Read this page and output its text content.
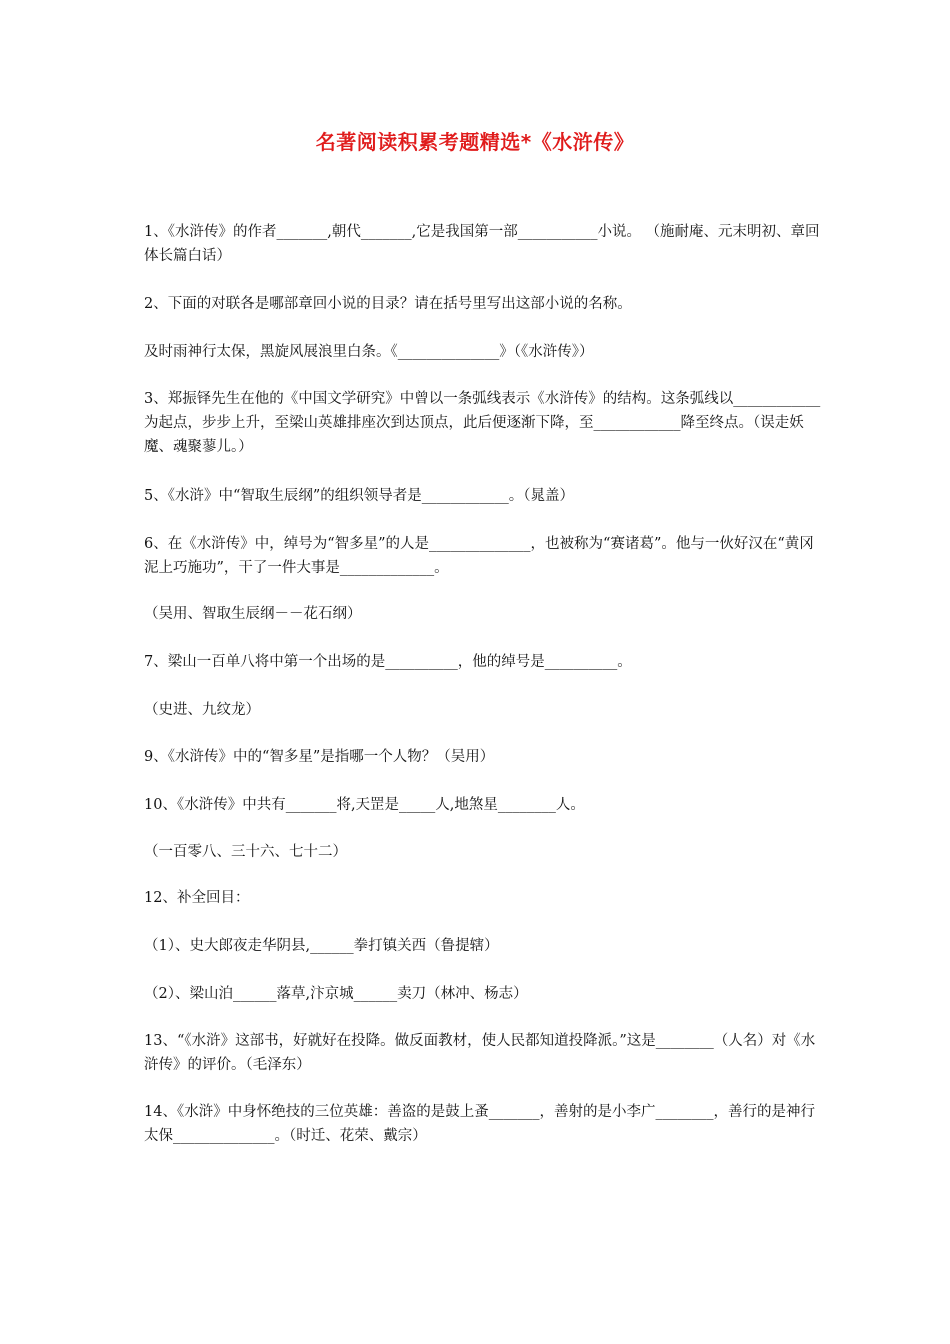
名著阅读积累考题精选*《水浒传》
1、《水浒传》的作者_______,朝代_______,它是我国第一部___________小说。 （施耐庵、元末明初、章回体长篇白话）
2、下面的对联各是哪部章回小说的目录？请在括号里写出这部小说的名称。
及时雨神行太保，黑旋风展浪里白条。《______________》（《水浒传》）
3、郑振铎先生在他的《中国文学研究》中曾以一条弧线表示《水浒传》的结构。这条弧线以____________为起点，步步上升，至梁山英雄排座次到达顶点，此后便逐渐下降，至____________降至终点。（误走妖魔、魂聚蓼儿。）
5、《水浒》中“智取生辰纲”的组织领导者是____________。（晁盖）
6、在《水浒传》中，绰号为“智多星”的人是______________，也被称为“赛诸葛”。他与一伙好汉在“黄冈泥上巧施功”，干了一件大事是_____________。
（吴用、智取生辰纲－－花石纲）
7、梁山一百单八将中第一个出场的是__________，他的绰号是__________。
（史进、九纹龙）
9、《水浒传》中的“智多星”是指哪一个人物？（吴用）
10、《水浒传》中共有_______将,天罡是_____人,地煞星________人。
（一百零八、三十六、七十二）
12、补全回目：
（1）、史大郎夜走华阴县,______拳打镇关西（鲁提辖）
（2）、梁山泊______落草,汴京城______卖刀（林冲、杨志）
13、“《水浒》这部书，好就好在投降。做反面教材，使人民都知道投降派。”这是________（人名）对《水浒传》的评价。（毛泽东）
14、《水浒》中身怀绝技的三位英雄：善盗的是鼓上蚤_______，善射的是小李广________，善行的是神行太保______________。（时迁、花荣、戴宗）
